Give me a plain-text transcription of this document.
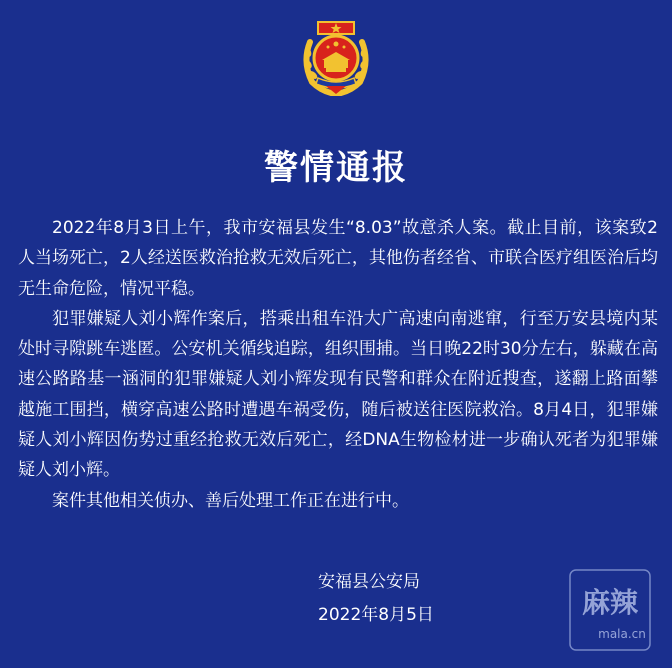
警情通报

2022年8月3日上午，我市安福县发生“8.03”故意杀人案。截止目前，该案致2人当场死亡，2人经送医救治抢救无效后死亡，其他伤者经省、市联合医疗组医治后均无生命危险，情况平稳。

犯罪嫌疑人刘小辉作案后，搭乘出租车沿大广高速向南逃窜，行至万安县境内某处时寻隙跳车逃匿。公安机关循线追踪，组织围捕。当日晚22时30分左右，躲藏在高速公路路基一涵洞的犯罪嫌疑人刘小辉发现有民警和群众在附近搜查，遂翻上路面攀越施工围挡，横穿高速公路时遭遇车祸受伤，随后被送往医院救治。8月4日，犯罪嫌疑人刘小辉因伤势过重经抢救无效后死亡，经DNA生物检材进一步确认死者为犯罪嫌疑人刘小辉。

案件其他相关侦办、善后处理工作正在进行中。

安福县公安局
2022年8月5日	麻辣
mala.cn
